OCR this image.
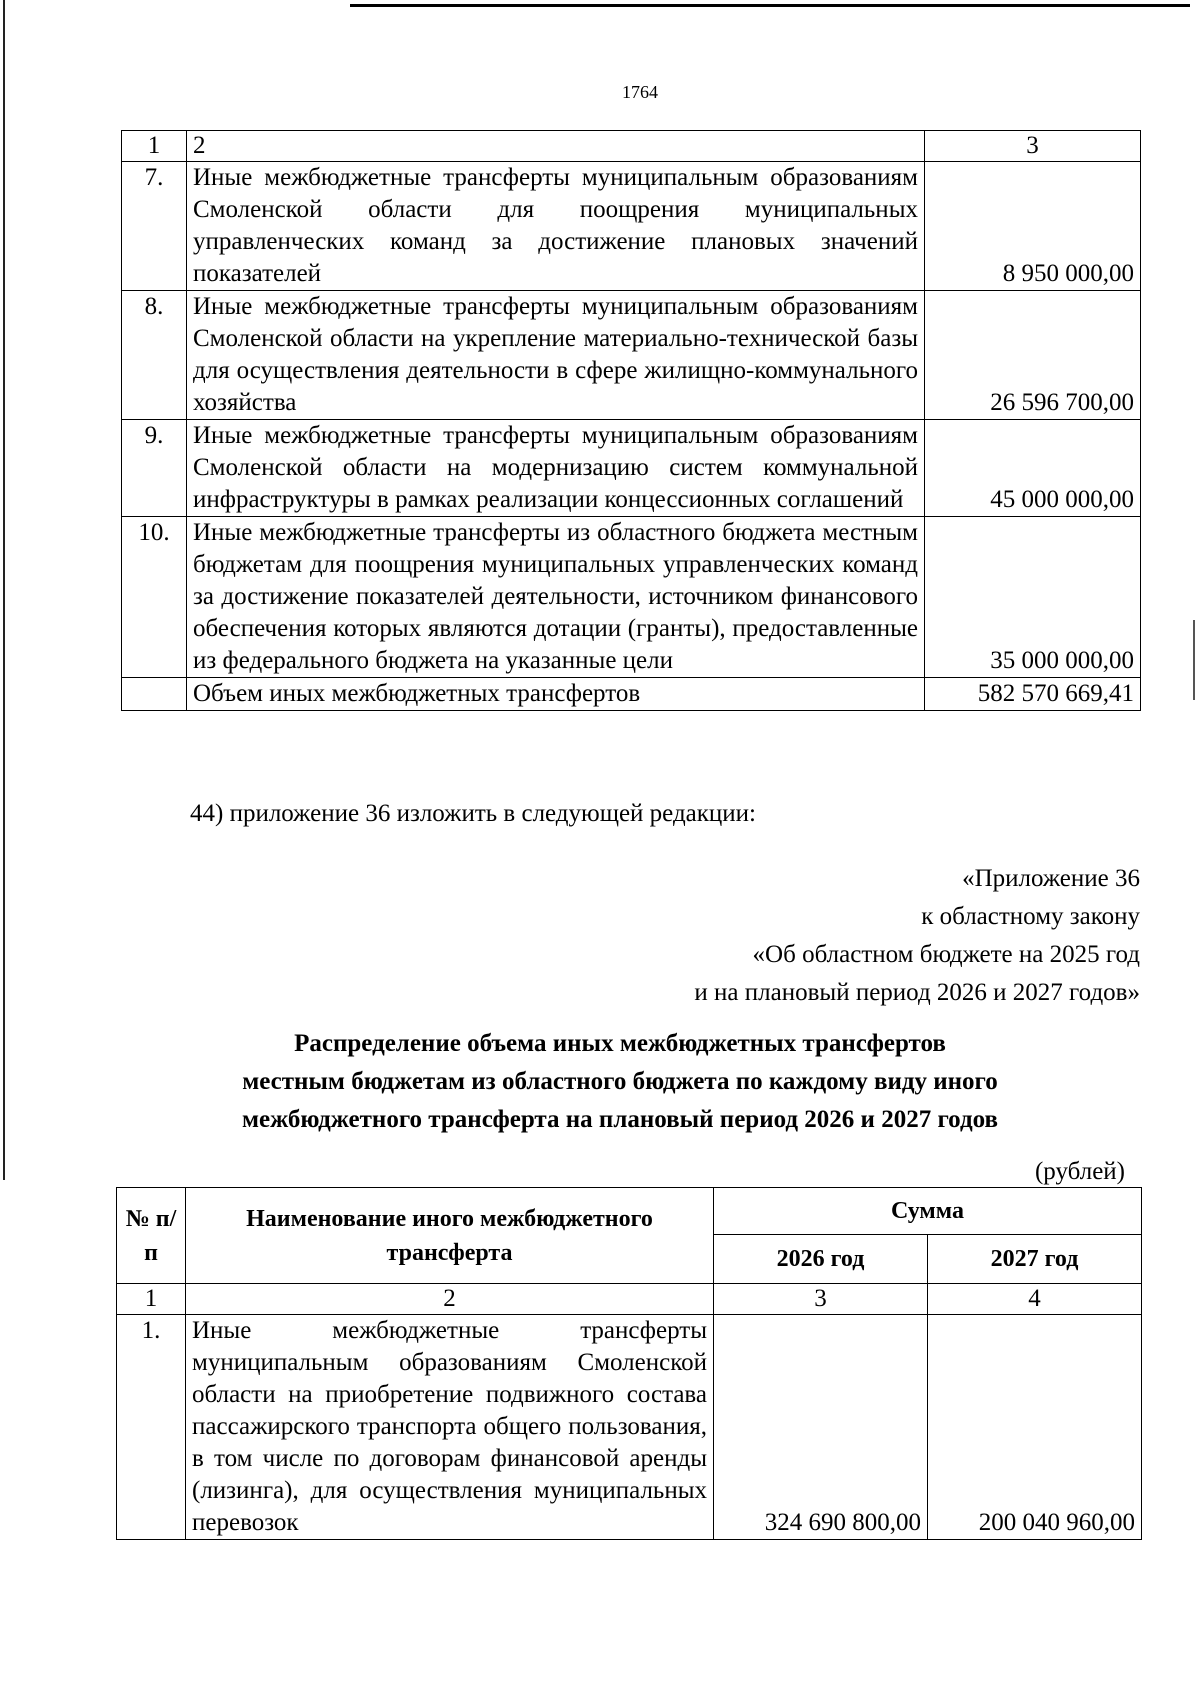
1764
1	2	3
7.	Иные межбюджетные трансферты муниципальным образованиям Смоленской области для поощрения муниципальных управленческих команд за достижение плановых значений показателей	8 950 000,00
8.	Иные межбюджетные трансферты муниципальным образованиям Смоленской области на укрепление материально-технической базы для осуществления деятельности в сфере жилищно-коммунального хозяйства	26 596 700,00
9.	Иные межбюджетные трансферты муниципальным образованиям Смоленской области на модернизацию систем коммунальной инфраструктуры в рамках реализации концессионных соглашений	45 000 000,00
10.	Иные межбюджетные трансферты из областного бюджета местным бюджетам для поощрения муниципальных управленческих команд за достижение показателей деятельности, источником финансового обеспечения которых являются дотации (гранты), предоставленные из федерального бюджета на указанные цели	35 000 000,00
	Объем иных межбюджетных трансфертов	582 570 669,41
44) приложение 36 изложить в следующей редакции:
«Приложение 36
к областному закону
«Об областном бюджете на 2025 год
и на плановый период 2026 и 2027 годов»
Распределение объема иных межбюджетных трансфертов
местным бюджетам из областного бюджета по каждому виду иного
межбюджетного трансферта на плановый период 2026 и 2027 годов
(рублей)
№ п/п	Наименование иного межбюджетного трансферта	Сумма	
		2026 год	2027 год
1	2	3	4
1.	Иные межбюджетные трансферты муниципальным образованиям Смоленской области на приобретение подвижного состава пассажирского транспорта общего пользования, в том числе по договорам финансовой аренды (лизинга), для осуществления муниципальных перевозок	324 690 800,00	200 040 960,00
